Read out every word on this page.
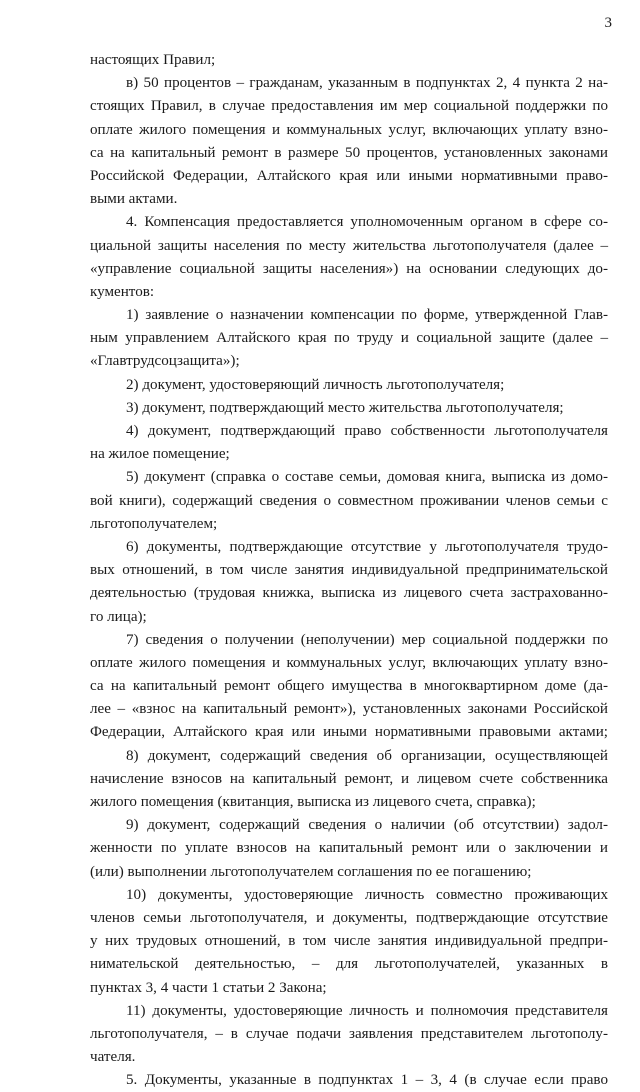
3
настоящих Правил;
в) 50 процентов – гражданам, указанным в подпунктах 2, 4 пункта 2 на-
стоящих Правил, в случае предоставления им мер социальной поддержки по
оплате жилого помещения и коммунальных услуг, включающих уплату взно-
са на капитальный ремонт в размере 50 процентов, установленных законами
Российской Федерации, Алтайского края или иными нормативными право-
выми актами.
4. Компенсация предоставляется уполномоченным органом в сфере со-
циальной защиты населения по месту жительства льготополучателя (далее –
«управление социальной защиты населения») на основании следующих до-
кументов:
1) заявление о назначении компенсации по форме, утвержденной Глав-
ным управлением Алтайского края по труду и социальной защите (далее –
«Главтрудсоцзащита»);
2) документ, удостоверяющий личность льготополучателя;
3) документ, подтверждающий место жительства льготополучателя;
4) документ, подтверждающий право собственности льготополучателя
на жилое помещение;
5) документ (справка о составе семьи, домовая книга, выписка из домо-
вой книги), содержащий сведения о совместном проживании членов семьи с
льготополучателем;
6) документы, подтверждающие отсутствие у льготополучателя трудо-
вых отношений, в том числе занятия индивидуальной предпринимательской
деятельностью (трудовая книжка, выписка из лицевого счета застрахованно-
го лица);
7) сведения о получении (неполучении) мер социальной поддержки по
оплате жилого помещения и коммунальных услуг, включающих уплату взно-
са на капитальный ремонт общего имущества в многоквартирном доме (да-
лее – «взнос на капитальный ремонт»), установленных законами Российской
Федерации, Алтайского края или иными нормативными правовыми актами;
8) документ, содержащий сведения об организации, осуществляющей
начисление взносов на капитальный ремонт, и лицевом счете собственника
жилого помещения (квитанция, выписка из лицевого счета, справка);
9) документ, содержащий сведения о наличии (об отсутствии) задол-
женности по уплате взносов на капитальный ремонт или о заключении и
(или) выполнении льготополучателем соглашения по ее погашению;
10) документы, удостоверяющие личность совместно проживающих
членов семьи льготополучателя, и документы, подтверждающие отсутствие
у них трудовых отношений, в том числе занятия индивидуальной предпри-
нимательской деятельностью, – для льготополучателей, указанных в
пунктах 3, 4 части 1 статьи 2 Закона;
11) документы, удостоверяющие личность и полномочия представителя
льготополучателя, – в случае подачи заявления представителем льготополу-
чателя.
5. Документы, указанные в подпунктах 1 – 3, 4 (в случае если право
